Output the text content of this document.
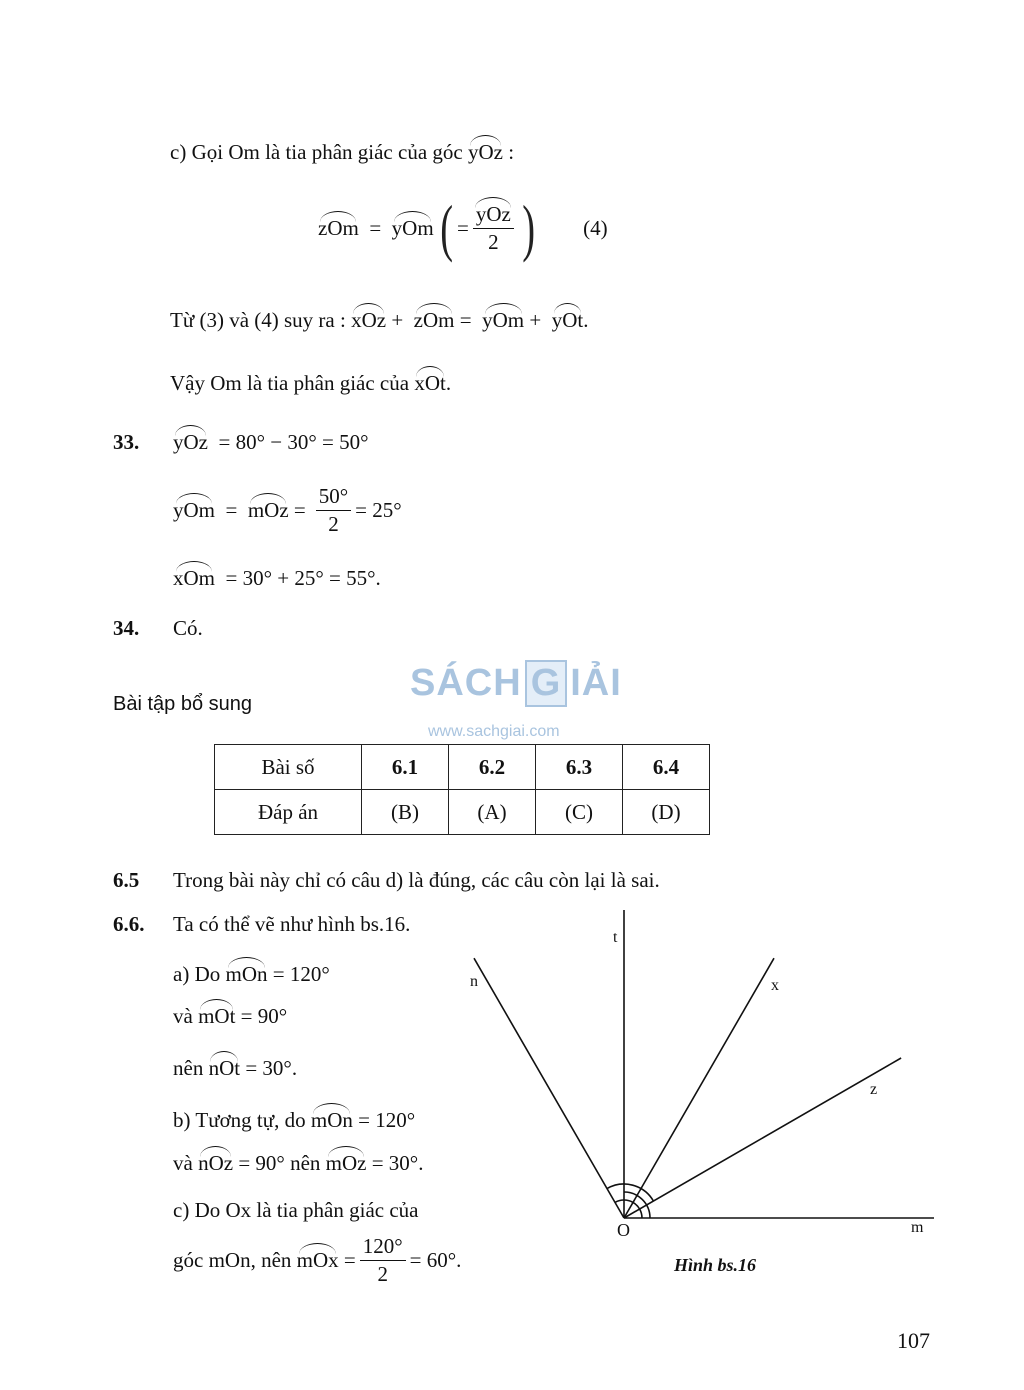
c) Gọi Om là tia phân giác của góc yOz :
zOm
=
yOm ( = $\frac{\text{yOz}}{2}$ ) (4)
Từ (3) và (4) suy ra : xOz + zOm = yOm + yOt.
Vậy Om là tia phân giác của xOt.
33. yOz = 80° − 30° = 50°
yOm
=
mOz
= $\frac{50^\circ}{2} = 25^\circ$
xOm = 30° + 25° = 55°.
34. Có.
Bài tập bổ sung	SÁCH G IẢI
www.sachgiai.com
Bài số	6.1	6.2	6.3	6.4
Đáp án	(B)	(A)	(C)	(D)
6.5 Trong bài này chỉ có câu d) là đúng, các câu còn lại là sai.
6.6. Ta có thể vẽ như hình bs.16.
a) Do mOn = 120°
và mOt = 90°
nên nOt = 30°.
b) Tương tự, do mOn = 120°
và nOz = 90° nên mOz = 30°.
c) Do Ox là tia phân giác của
góc mOn, nên
mOx
= $\frac{120^\circ}{2} = 60^\circ$.
t
n	x
z
O	m
Hình bs.16
107
